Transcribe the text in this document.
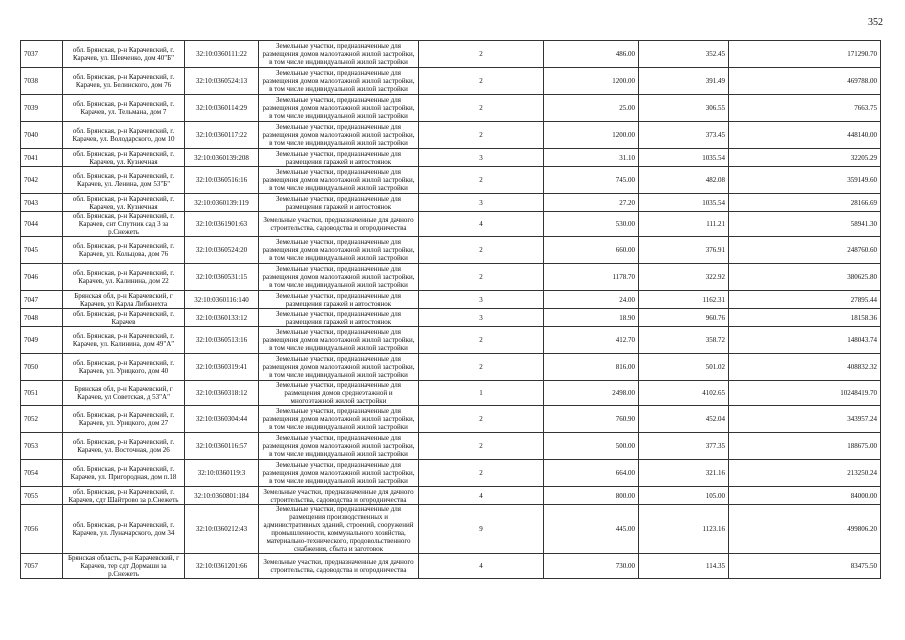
352
7037	обл. Брянская, р-н Карачевский, г. Карачев, ул. Шевченко, дом 40"Б"	32:10:0360111:22	Земельные участки, предназначенные для размещения домов малоэтажной жилой застройки, в том числе индивидуальной жилой застройки	2	486.00	352.45	171290.70
7038	обл. Брянская, р-н Карачевский, г. Карачев, ул. Белинского, дом 76	32:10:0360524:13	Земельные участки, предназначенные для размещения домов малоэтажной жилой застройки, в том числе индивидуальной жилой застройки	2	1200.00	391.49	469788.00
7039	обл. Брянская, р-н Карачевский, г. Карачев, ул. Тельмана, дом 7	32:10:0360114:29	Земельные участки, предназначенные для размещения домов малоэтажной жилой застройки, в том числе индивидуальной жилой застройки	2	25.00	306.55	7663.75
7040	обл. Брянская, р-н Карачевский, г. Карачев, ул. Володарского, дом 10	32:10:0360117:22	Земельные участки, предназначенные для размещения домов малоэтажной жилой застройки, в том числе индивидуальной жилой застройки	2	1200.00	373.45	448140.00
7041	обл. Брянская, р-н Карачевский, г. Карачев, ул. Кузнечная	32:10:0360139:208	Земельные участки, предназначенные для размещения гаражей и автостоянок	3	31.10	1035.54	32205.29
7042	обл. Брянская, р-н Карачевский, г. Карачев, ул. Ленина, дом 53"Б"	32:10:0360516:16	Земельные участки, предназначенные для размещения домов малоэтажной жилой застройки, в том числе индивидуальной жилой застройки	2	745.00	482.08	359149.60
7043	обл. Брянская, р-н Карачевский, г. Карачев, ул. Кузнечная	32:10:0360139:119	Земельные участки, предназначенные для размещения гаражей и автостоянок	3	27.20	1035.54	28166.69
7044	обл. Брянская, р-н Карачевский, г. Карачев, снт Спутник сад 3 за р.Снежеть	32:10:0361901:63	Земельные участки, предназначенные для дачного строительства, садоводства и огородничества	4	530.00	111.21	58941.30
7045	обл. Брянская, р-н Карачевский, г. Карачев, ул. Кольцова, дом 76	32:10:0360524:20	Земельные участки, предназначенные для размещения домов малоэтажной жилой застройки, в том числе индивидуальной жилой застройки	2	660.00	376.91	248760.60
7046	обл. Брянская, р-н Карачевский, г. Карачев, ул. Калинина, дом 22	32:10:0360531:15	Земельные участки, предназначенные для размещения домов малоэтажной жилой застройки, в том числе индивидуальной жилой застройки	2	1178.70	322.92	380625.80
7047	Брянская обл, р-н Карачевский, г Карачев, ул Карла Либкнехта	32:10:0360116:140	Земельные участки, предназначенные для размещения гаражей и автостоянок	3	24.00	1162.31	27895.44
7048	обл. Брянская, р-н Карачевский, г. Карачев	32:10:0360133:12	Земельные участки, предназначенные для размещения гаражей и автостоянок	3	18.90	960.76	18158.36
7049	обл. Брянская, р-н Карачевский, г. Карачев, ул. Калинина, дом 49"А"	32:10:0360513:16	Земельные участки, предназначенные для размещения домов малоэтажной жилой застройки, в том числе индивидуальной жилой застройки	2	412.70	358.72	148043.74
7050	обл. Брянская, р-н Карачевский, г. Карачев, ул. Урицкого, дом 40	32:10:0360319:41	Земельные участки, предназначенные для размещения домов малоэтажной жилой застройки, в том числе индивидуальной жилой застройки	2	816.00	501.02	408832.32
7051	Брянская обл, р-н Карачевский, г Карачев, ул Советская, д 53"А"	32:10:0360318:12	Земельные участки, предназначенные для размещения домов среднеэтажной и многоэтажной жилой застройки	1	2498.00	4102.65	10248419.70
7052	обл. Брянская, р-н Карачевский, г. Карачев, ул. Урицкого, дом 27	32:10:0360304:44	Земельные участки, предназначенные для размещения домов малоэтажной жилой застройки, в том числе индивидуальной жилой застройки	2	760.90	452.04	343957.24
7053	обл. Брянская, р-н Карачевский, г. Карачев, ул. Восточная, дом 26	32:10:0360116:57	Земельные участки, предназначенные для размещения домов малоэтажной жилой застройки, в том числе индивидуальной жилой застройки	2	500.00	377.35	188675.00
7054	обл. Брянская, р-н Карачевский, г. Карачев, ул. Пригородная, дом п.18	32:10:0360119:3	Земельные участки, предназначенные для размещения домов малоэтажной жилой застройки, в том числе индивидуальной жилой застройки	2	664.00	321.16	213250.24
7055	обл. Брянская, р-н Карачевский, г. Карачев, сдт Шайтрово за р.Снежеть	32:10:0360801:184	Земельные участки, предназначенные для дачного строительства, садоводства и огородничества	4	800.00	105.00	84000.00
7056	обл. Брянская, р-н Карачевский, г. Карачев, ул. Луначарского, дом 34	32:10:0360212:43	Земельные участки, предназначенные для размещения производственных и административных зданий, строений, сооружений промышленности, коммунального хозяйства, материально-технического, продовольственного снабжения, сбыта и заготовок	9	445.00	1123.16	499806.20
7057	Брянская область, р-н Карачевский, г Карачев, тер сдт Дормаши за р.Снежеть	32:10:0361201:66	Земельные участки, предназначенные для дачного строительства, садоводства и огородничества	4	730.00	114.35	83475.50
